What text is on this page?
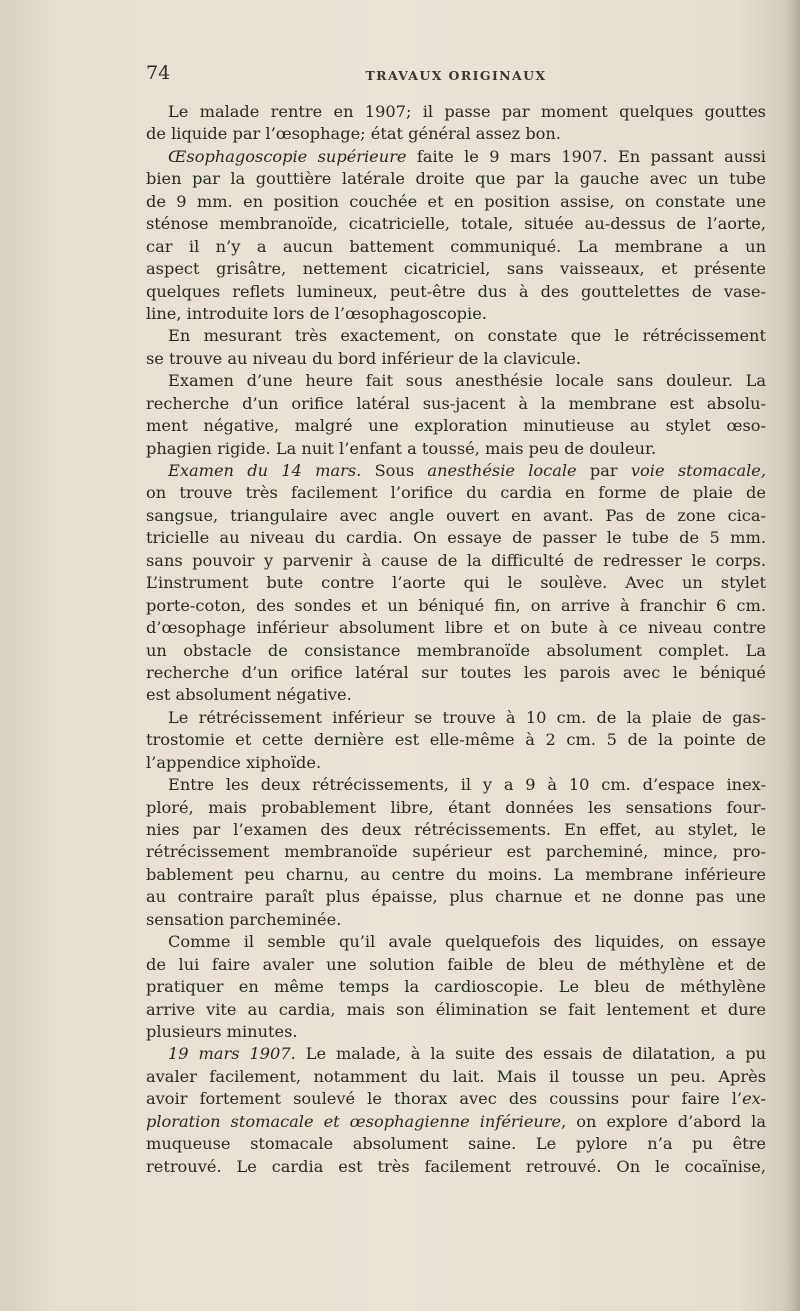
74	TRAVAUX ORIGINAUX
Le malade rentre en 1907; il passe par moment quelques gouttes
de liquide par l’œsophage; état général assez bon.
Œsophagoscopie supérieure faite le 9 mars 1907. En passant aussi
bien par la gouttière latérale droite que par la gauche avec un tube
de 9 mm. en position couchée et en position assise, on constate une
sténose membranoïde, cicatricielle, totale, située au-dessus de l’aorte,
car il n’y a aucun battement communiqué. La membrane a un
aspect grisâtre, nettement cicatriciel, sans vaisseaux, et présente
quelques reflets lumineux, peut-être dus à des gouttelettes de vase-
line, introduite lors de l’œsophagoscopie.
En mesurant très exactement, on constate que le rétrécissement
se trouve au niveau du bord inférieur de la clavicule.
Examen d’une heure fait sous anesthésie locale sans douleur. La
recherche d’un orifice latéral sus-jacent à la membrane est absolu-
ment négative, malgré une exploration minutieuse au stylet œso-
phagien rigide. La nuit l’enfant a toussé, mais peu de douleur.
Examen du 14 mars. Sous anesthésie locale par voie stomacale,
on trouve très facilement l’orifice du cardia en forme de plaie de
sangsue, triangulaire avec angle ouvert en avant. Pas de zone cica-
tricielle au niveau du cardia. On essaye de passer le tube de 5 mm.
sans pouvoir y parvenir à cause de la difficulté de redresser le corps.
L’instrument bute contre l’aorte qui le soulève. Avec un stylet
porte-coton, des sondes et un béniqué fin, on arrive à franchir 6 cm.
d’œsophage inférieur absolument libre et on bute à ce niveau contre
un obstacle de consistance membranoïde absolument complet. La
recherche d’un orifice latéral sur toutes les parois avec le béniqué
est absolument négative.
Le rétrécissement inférieur se trouve à 10 cm. de la plaie de gas-
trostomie et cette dernière est elle-même à 2 cm. 5 de la pointe de
l’appendice xiphoïde.
Entre les deux rétrécissements, il y a 9 à 10 cm. d’espace inex-
ploré, mais probablement libre, étant données les sensations four-
nies par l’examen des deux rétrécissements. En effet, au stylet, le
rétrécissement membranoïde supérieur est parcheminé, mince, pro-
bablement peu charnu, au centre du moins. La membrane inférieure
au contraire paraît plus épaisse, plus charnue et ne donne pas une
sensation parcheminée.
Comme il semble qu’il avale quelquefois des liquides, on essaye
de lui faire avaler une solution faible de bleu de méthylène et de
pratiquer en même temps la cardioscopie. Le bleu de méthylène
arrive vite au cardia, mais son élimination se fait lentement et dure
plusieurs minutes.
19 mars 1907. Le malade, à la suite des essais de dilatation, a pu
avaler facilement, notamment du lait. Mais il tousse un peu. Après
avoir fortement soulevé le thorax avec des coussins pour faire l’ex-
ploration stomacale et œsophagienne inférieure, on explore d’abord la
muqueuse stomacale absolument saine. Le pylore n’a pu être
retrouvé. Le cardia est très facilement retrouvé. On le cocaïnise,
